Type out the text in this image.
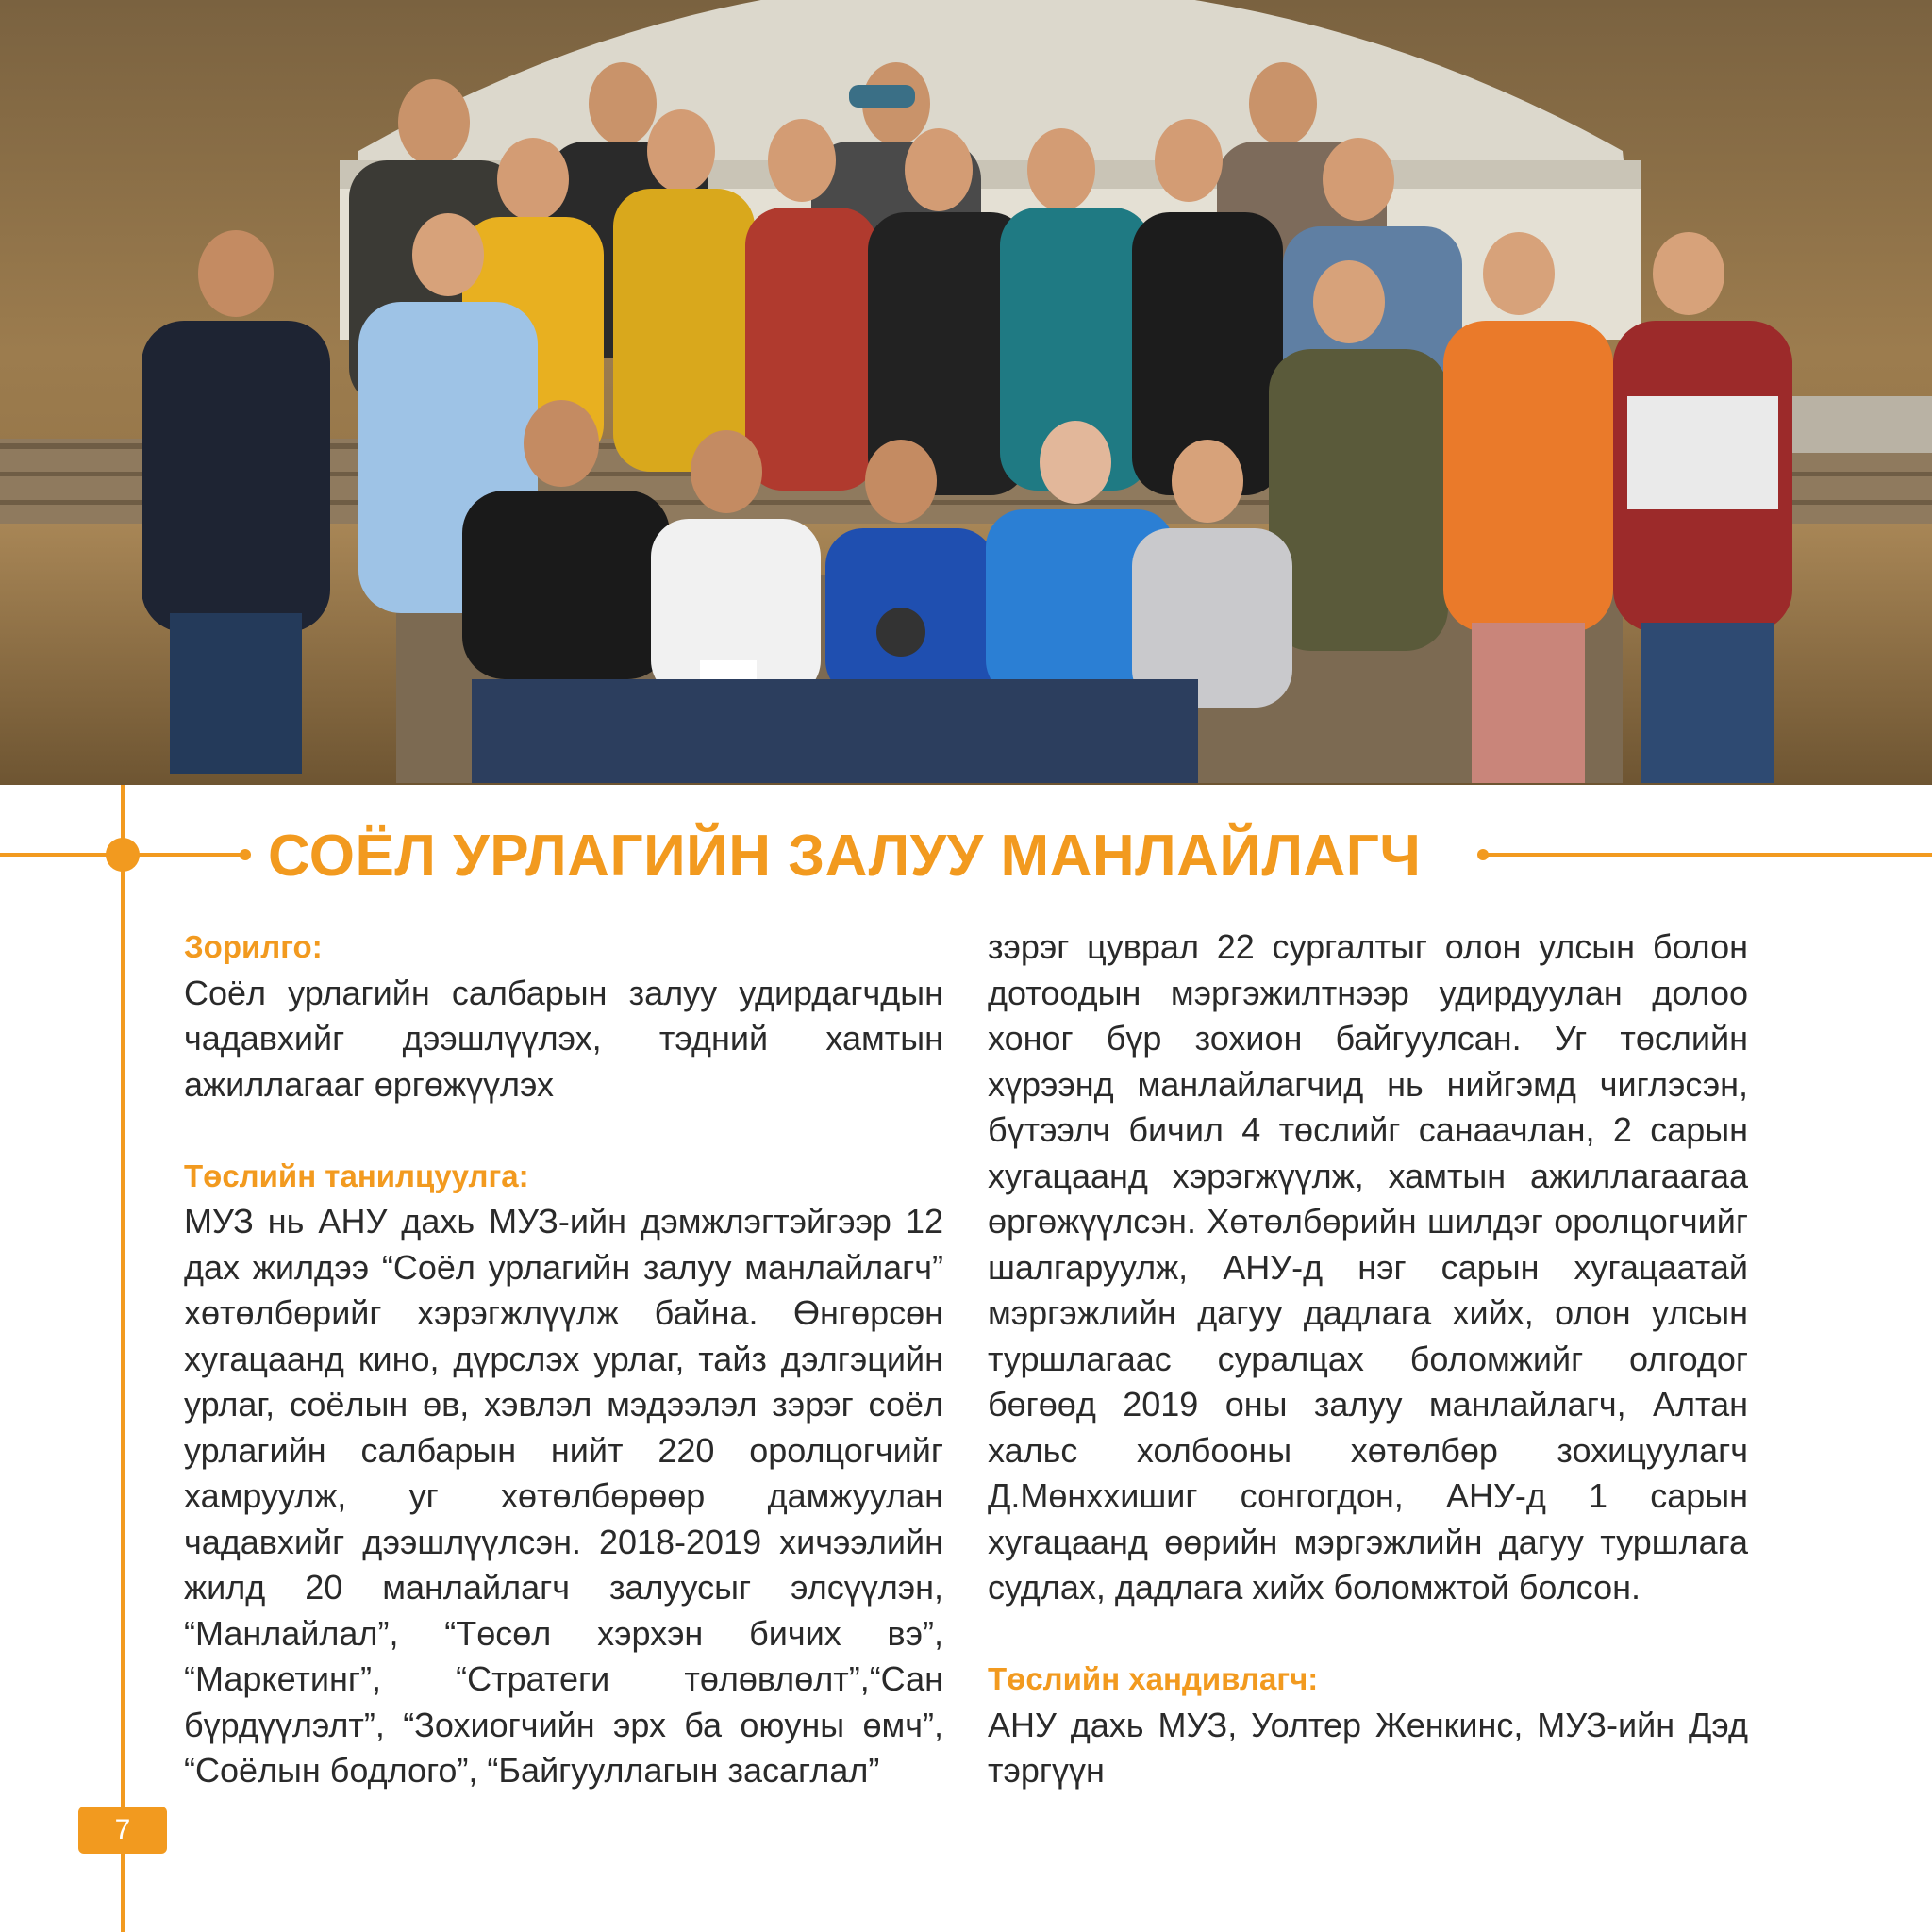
СОЁЛ УРЛАГИЙН ЗАЛУУ МАНЛАЙЛАГЧ
Зорилго:

Соёл урлагийн салбарын залуу удирдагчдын чадавхийг дээшлүүлэх, тэдний хамтын ажиллагааг өргөжүүлэх

Төслийн танилцуулга:

МУЗ нь АНУ дахь МУЗ-ийн дэмжлэгтэйгээр 12 дах жилдээ “Соёл урлагийн залуу манлайлагч” хөтөлбөрийг хэрэгжлүүлж байна. Өнгөрсөн хугацаанд кино, дүрслэх урлаг, тайз дэлгэцийн урлаг, соёлын өв, хэвлэл мэдээлэл зэрэг соёл урлагийн салбарын нийт 220 оролцогчийг хамруулж, уг хөтөлбөрөөр дамжуулан чадавхийг дээшлүүлсэн. 2018-2019 хичээлийн жилд 20 манлайлагч залуусыг элсүүлэн, “Манлайлал”, “Төсөл хэрхэн бичих вэ”, “Маркетинг”, “Стратеги төлөвлөлт”,“Сан бүрдүүлэлт”, “Зохиогчийн эрх ба оюуны өмч”, “Соёлын бодлого”, “Байгууллагын засаглал”

зэрэг цуврал 22 сургалтыг олон улсын болон дотоодын мэргэжилтнээр удирдуулан долоо хоног бүр зохион байгуулсан. Уг төслийн хүрээнд манлайлагчид нь нийгэмд чиглэсэн, бүтээлч бичил 4 төслийг санаачлан, 2 сарын хугацаанд хэрэгжүүлж, хамтын ажиллагаагаа өргөжүүлсэн. Хөтөлбөрийн шилдэг оролцогчийг шалгаруулж, АНУ-д нэг сарын хугацаатай мэргэжлийн дагуу дадлага хийх, олон улсын туршлагаас суралцах боломжийг олгодог бөгөөд 2019 оны залуу манлайлагч, Алтан хальс холбооны хөтөлбөр зохицуулагч Д.Мөнхxишиг сонгогдон, АНУ-д 1 сарын хугацаанд өөрийн мэргэжлийн дагуу туршлага судлах, дадлага хийх боломжтой болсон.

Төслийн хандивлагч:

АНУ дахь МУЗ, Уолтер Женкинс, МУЗ-ийн Дэд тэргүүн

7
